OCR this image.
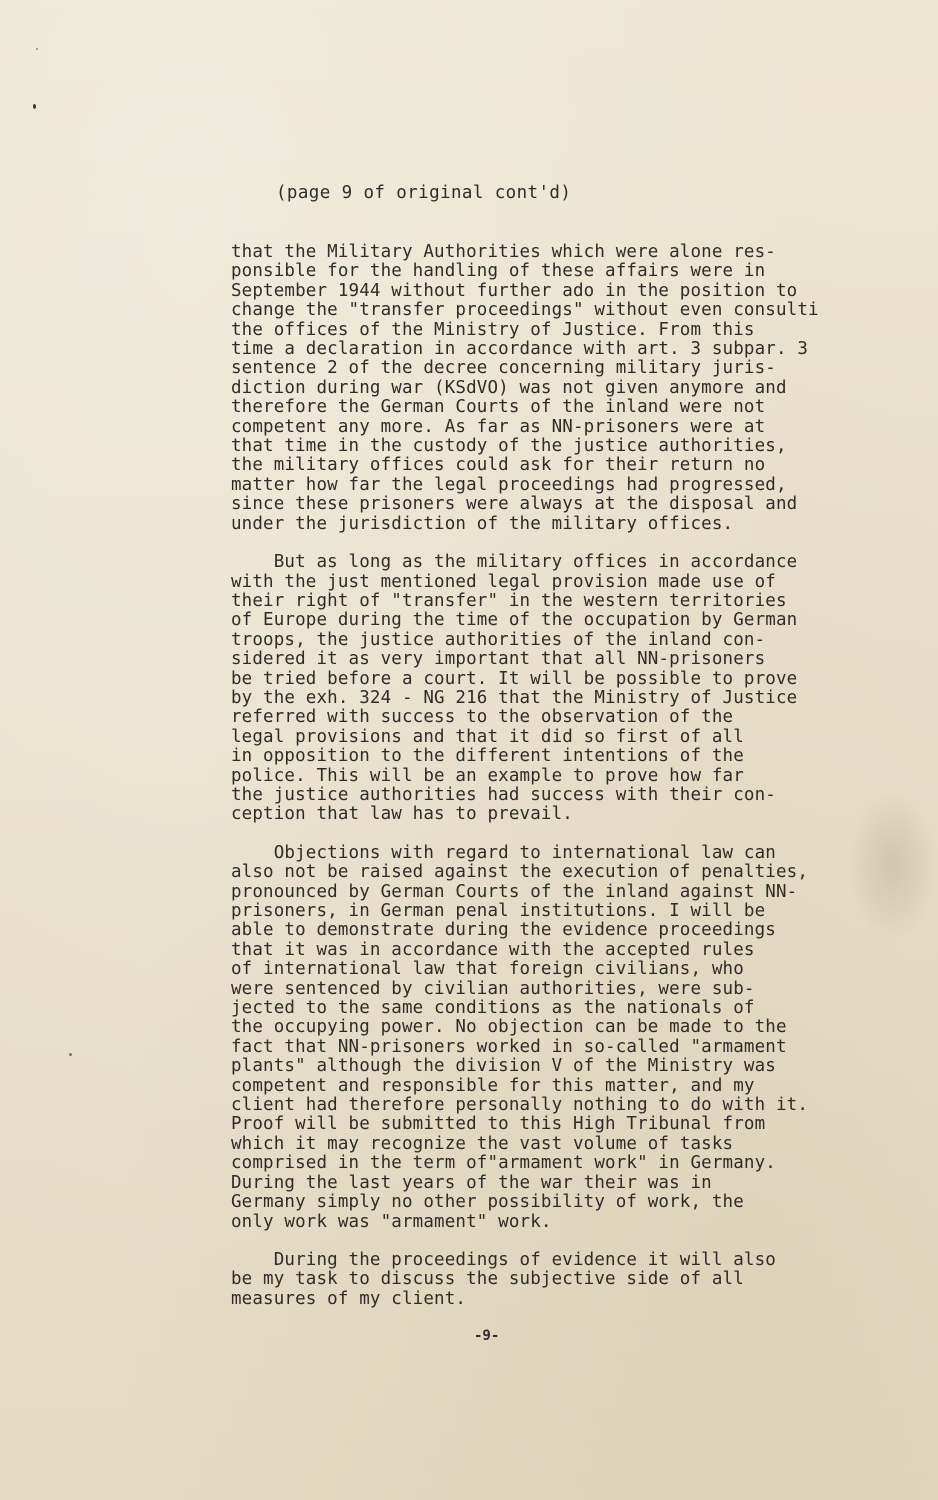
(page 9 of original cont'd)
that the Military Authorities which were alone res-
ponsible for the handling of these affairs were in
September 1944 without further ado in the position to
change the "transfer proceedings" without even consulti
the offices of the Ministry of Justice. From this
time a declaration in accordance with art. 3 subpar. 3
sentence 2 of the decree concerning military juris-
diction during war (KSdVO) was not given anymore and
therefore the German Courts of the inland were not
competent any more. As far as NN-prisoners were at
that time in the custody of the justice authorities,
the military offices could ask for their return no
matter how far the legal proceedings had progressed,
since these prisoners were always at the disposal and
under the jurisdiction of the military offices.
But as long as the military offices in accordance
with the just mentioned legal provision made use of
their right of "transfer" in the western territories
of Europe during the time of the occupation by German
troops, the justice authorities of the inland con-
sidered it as very important that all NN-prisoners
be tried before a court. It will be possible to prove
by the exh. 324 - NG 216 that the Ministry of Justice
referred with success to the observation of the
legal provisions and that it did so first of all
in opposition to the different intentions of the
police. This will be an example to prove how far
the justice authorities had success with their con-
ception that law has to prevail.
Objections with regard to international law can
also not be raised against the execution of penalties,
pronounced by German Courts of the inland against NN-
prisoners, in German penal institutions. I will be
able to demonstrate during the evidence proceedings
that it was in accordance with the accepted rules
of international law that foreign civilians, who
were sentenced by civilian authorities, were sub-
jected to the same conditions as the nationals of
the occupying power. No objection can be made to the
fact that NN-prisoners worked in so-called "armament
plants" although the division V of the Ministry was
competent and responsible for this matter, and my
client had therefore personally nothing to do with it.
Proof will be submitted to this High Tribunal from
which it may recognize the vast volume of tasks
comprised in the term of"armament work" in Germany.
During the last years of the war their was in
Germany simply no other possibility of work, the
only work was "armament" work.
During the proceedings of evidence it will also
be my task to discuss the subjective side of all
measures of my client.
-9-
